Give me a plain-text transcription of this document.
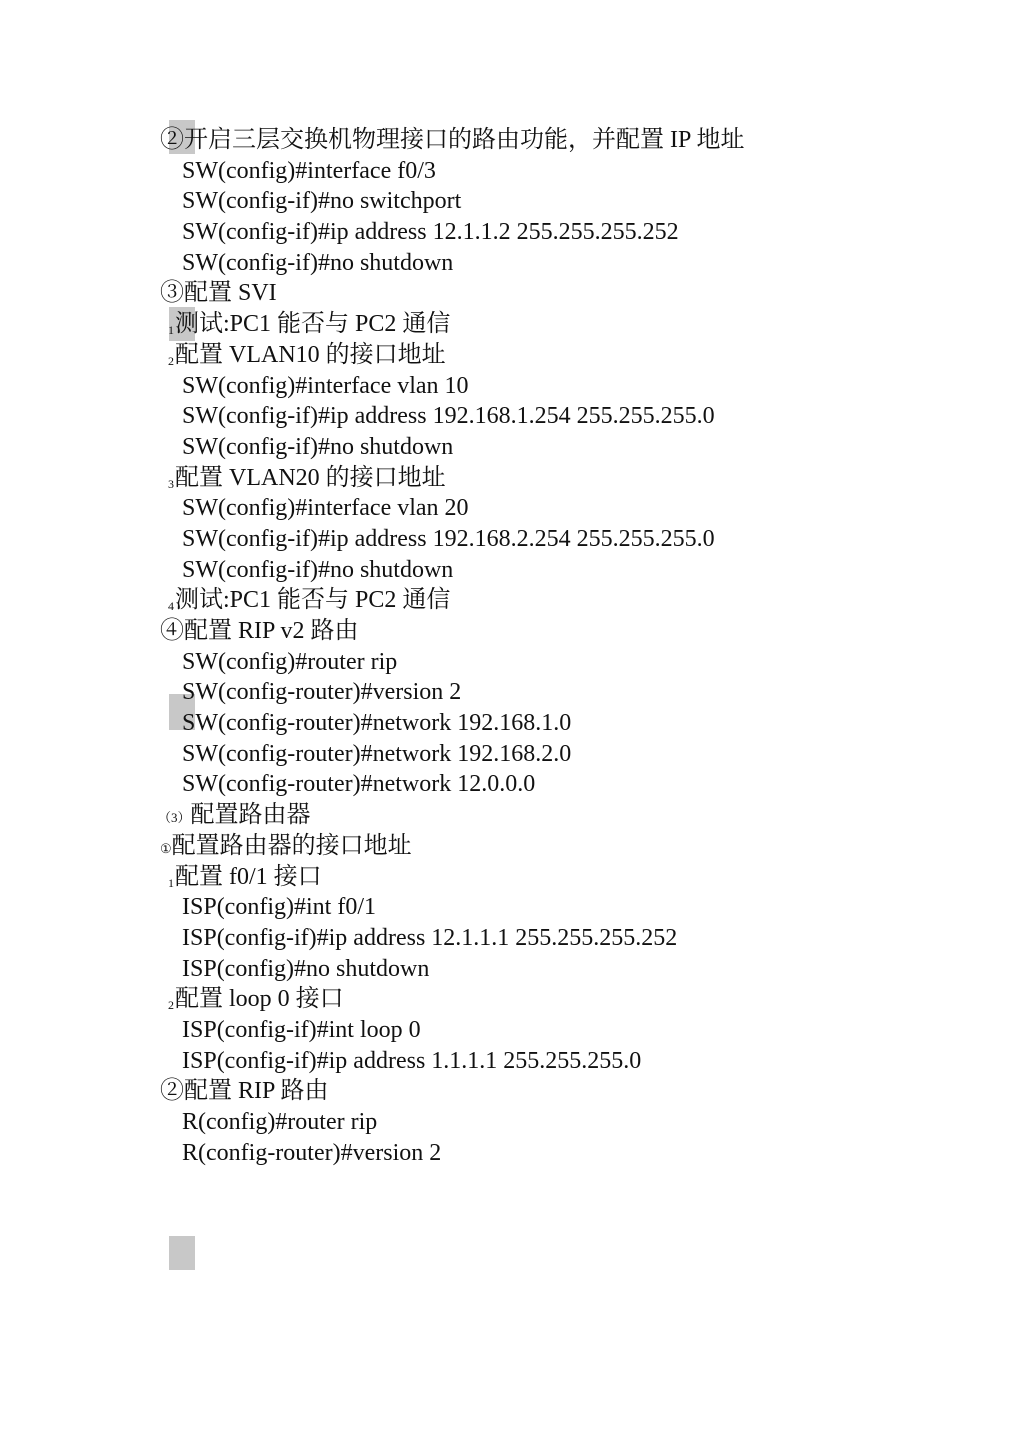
②开启三层交换机物理接口的路由功能，并配置 IP 地址
SW(config)#interface f0/3
SW(config-if)#no switchport
SW(config-if)#ip address 12.1.1.2 255.255.255.252
SW(config-if)#no shutdown
③配置 SVI
1测试:PC1 能否与 PC2 通信
2配置 VLAN10 的接口地址
SW(config)#interface vlan 10
SW(config-if)#ip address 192.168.1.254 255.255.255.0
SW(config-if)#no shutdown
3配置 VLAN20 的接口地址
SW(config)#interface vlan 20
SW(config-if)#ip address 192.168.2.254 255.255.255.0
SW(config-if)#no shutdown
4测试:PC1 能否与 PC2 通信
④配置 RIP v2 路由
SW(config)#router rip
SW(config-router)#version 2
SW(config-router)#network 192.168.1.0
SW(config-router)#network 192.168.2.0
SW(config-router)#network 12.0.0.0
（3）配置路由器
①配置路由器的接口地址
1配置 f0/1 接口
ISP(config)#int f0/1
ISP(config-if)#ip address 12.1.1.1 255.255.255.252
ISP(config)#no shutdown
2配置 loop 0 接口
ISP(config-if)#int loop 0
ISP(config-if)#ip address 1.1.1.1 255.255.255.0
②配置 RIP 路由
R(config)#router rip
R(config-router)#version 2
